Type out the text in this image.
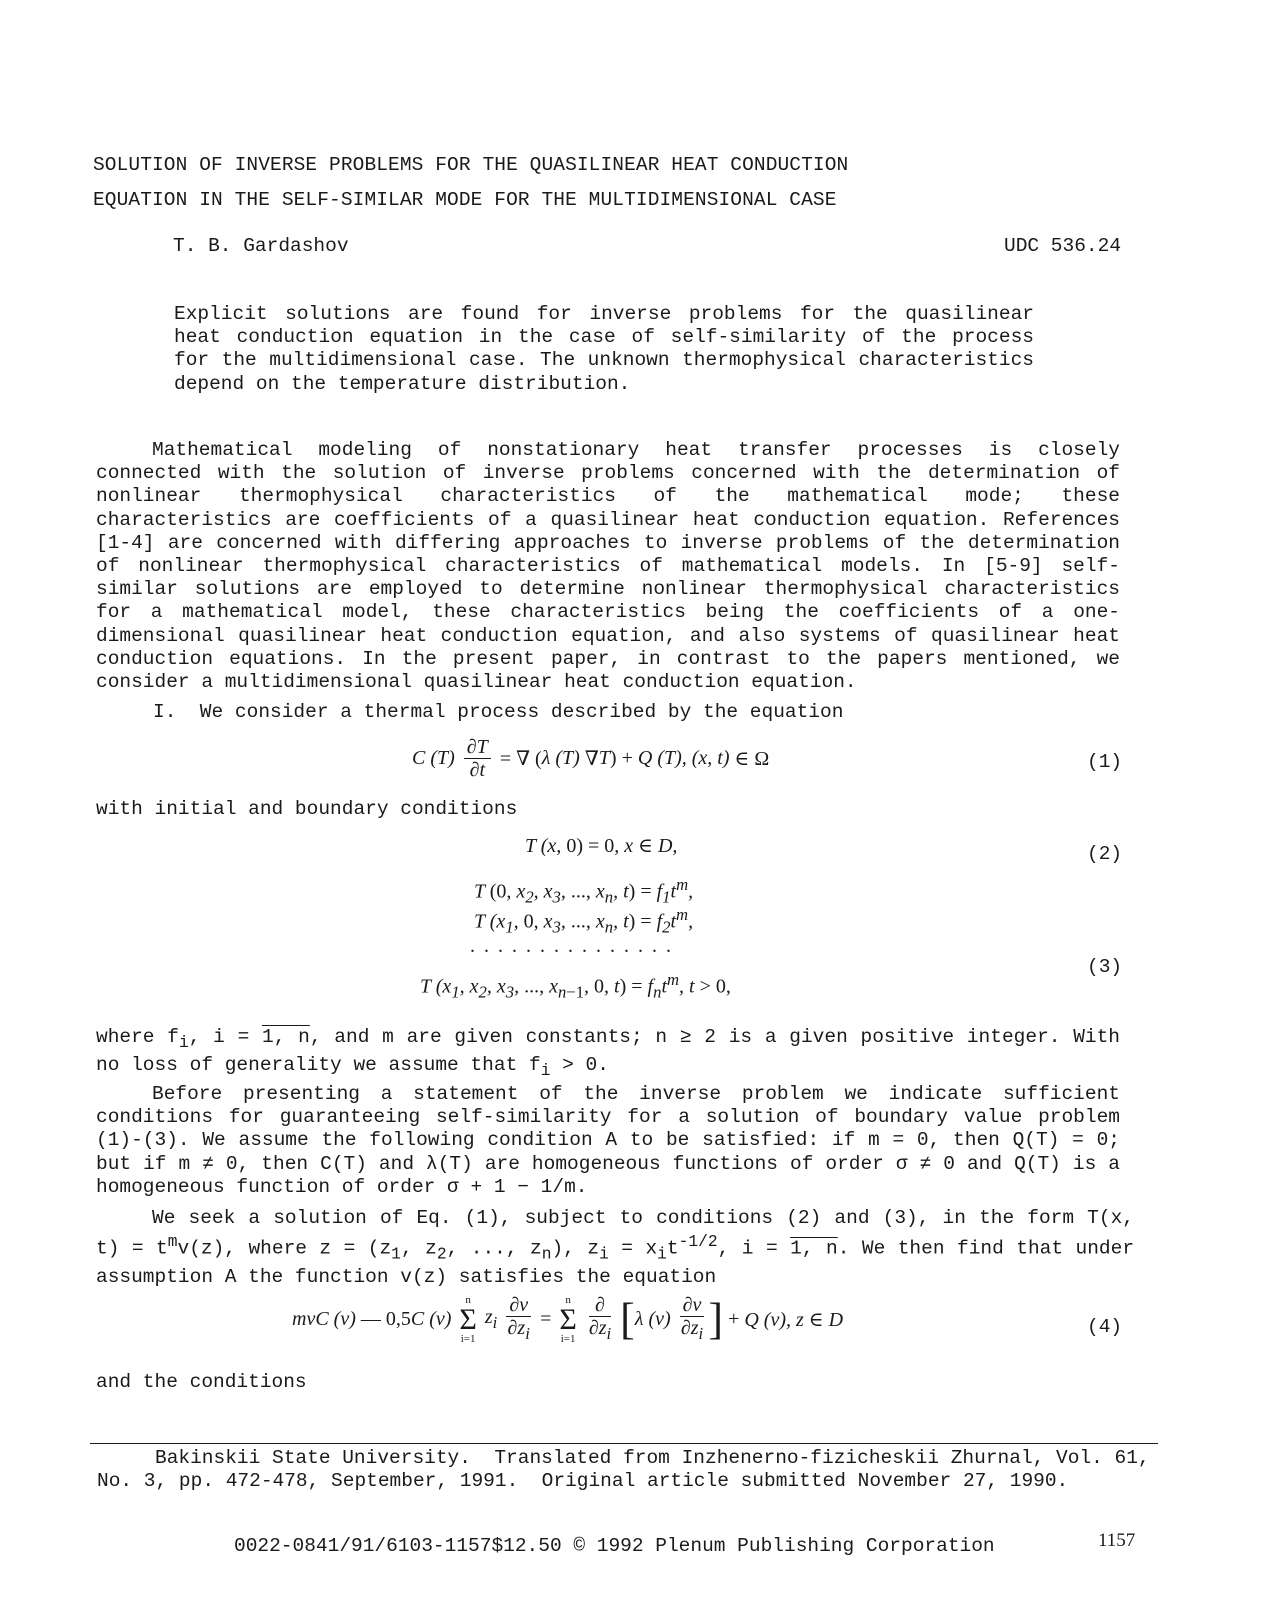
SOLUTION OF INVERSE PROBLEMS FOR THE QUASILINEAR HEAT CONDUCTION
EQUATION IN THE SELF-SIMILAR MODE FOR THE MULTIDIMENSIONAL CASE
T. B. Gardashov	UDC 536.24
Explicit solutions are found for inverse problems for the quasilinear heat conduction equation in the case of self-similarity of the process for the multidimensional case. The unknown thermophysical characteristics depend on the temperature distribution.
Mathematical modeling of nonstationary heat transfer processes is closely connected with the solution of inverse problems concerned with the determination of nonlinear thermophysical characteristics of the mathematical mode; these characteristics are coefficients of a quasilinear heat conduction equation. References [1-4] are concerned with differing approaches to inverse problems of the determination of nonlinear thermophysical characteristics of mathematical models. In [5-9] self-similar solutions are employed to determine nonlinear thermophysical characteristics for a mathematical model, these characteristics being the coefficients of a one-dimensional quasilinear heat conduction equation, and also systems of quasilinear heat conduction equations. In the present paper, in contrast to the papers mentioned, we consider a multidimensional quasilinear heat conduction equation.
I.  We consider a thermal process described by the equation
C $(T) \frac{\partial T}{\partial t}$ = ∇ (λ (T) ∇T) + Q (T), (x, t) ∈ Ω	(1)
with initial and boundary conditions
T (x, 0) = 0, x ∈ D,	(2)
T (0, $x_2$, $x_3$, ..., $x_n$, $t) = f_1t^m$,
T ($x_1$, 0, $x_3$, ..., $x_n$, $t) = f_2t^m$,
...............
T ($x_1$, $x_2$, $x_3$, ..., $x_{n-1}$, 0, $t) = f_nt^m$, t > 0,
(3)
where $f_i$, i = 1, n, and m are given constants; n ≥ 2 is a given positive integer. With no loss of generality we assume that $f_i > 0$.
Before presenting a statement of the inverse problem we indicate sufficient conditions for guaranteeing self-similarity for a solution of boundary value problem (1)-(3). We assume the following condition A to be satisfied: if m = 0, then Q(T) = 0; but if m ≠ 0, then C(T) and λ(T) are homogeneous functions of order σ ≠ 0 and Q(T) is a homogeneous function of order σ + 1 − 1/m.
We seek a solution of Eq. (1), subject to conditions (2) and (3), in the form T(x, $t) = t^mv(z)$, where $z = (z_1$, $z_2$, ..., $z_n$), $z_i = x_it^{-1/2}$, i = 1, n. We then find that under assumption A the function v(z) satisfies the equation
mvC (v) — 0,5C (v)
n
Σ
i=1
$z_i \frac{\partial v}{\partial z_i}$ =
n
Σ
i=1
$\frac{\partial}{\partial z_i} [\lambda$ $(v) \frac{\partial v}{\partial z_i}$ ] + Q (v), z ∈ D	(4)
and the conditions
Bakinskii State University.  Translated from Inzhenerno-fizicheskii Zhurnal, Vol. 61,
No. 3, pp. 472-478, September, 1991.  Original article submitted November 27, 1990.
0022-0841/91/6103-1157$12.50 © 1992 Plenum Publishing Corporation	1157
